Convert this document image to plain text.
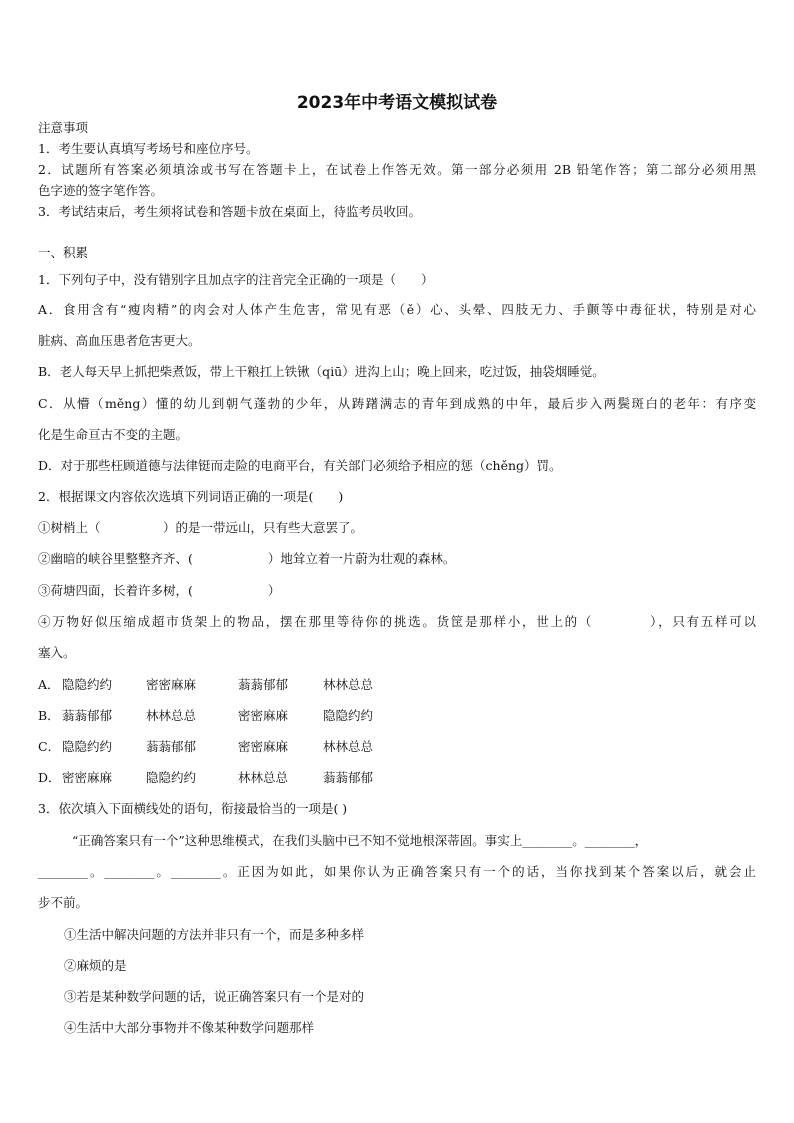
2023年中考语文模拟试卷
注意事项
1．考生要认真填写考场号和座位序号。
2．试题所有答案必须填涂或书写在答题卡上，在试卷上作答无效。第一部分必须用 2B 铅笔作答；第二部分必须用黑
色字迹的签字笔作答。
3．考试结束后，考生须将试卷和答题卡放在桌面上，待监考员收回。
一、积累
1．下列句子中，没有错别字且加点字的注音完全正确的一项是（　　）
A．食用含有“瘦肉精”的肉会对人体产生危害，常见有恶（ě）心、头晕、四肢无力、手颤等中毒征状，特别是对心
脏病、高血压患者危害更大。
B．老人每天早上抓把柴煮饭，带上干粮扛上铁锹（qiū）进沟上山；晚上回来，吃过饭，抽袋烟睡觉。
C．从懵（měng）懂的幼儿到朝气蓬勃的少年，从踌躇满志的青年到成熟的中年，最后步入两鬓斑白的老年：有序变
化是生命亘古不变的主题。
D．对于那些枉顾道德与法律铤而走险的电商平台，有关部门必须给予相应的惩（chěng）罚。
2．根据课文内容依次选填下列词语正确的一项是(　　)
①树梢上（　　　　　）的是一带远山，只有些大意罢了。
②幽暗的峡谷里整整齐齐、(　　　　　　）地耸立着一片蔚为壮观的森林。
③荷塘四面，长着许多树，(　　　　　　）
④万物好似压缩成超市货架上的物品，摆在那里等待你的挑选。货筐是那样小，世上的（　　　　），只有五样可以
塞入。
A． 隐隐约约	密密麻麻	蓊蓊郁郁	林林总总
B． 蓊蓊郁郁	林林总总	密密麻麻	隐隐约约
C． 隐隐约约	蓊蓊郁郁	密密麻麻	林林总总
D． 密密麻麻	隐隐约约	林林总总	蓊蓊郁郁
3．依次填入下面横线处的语句，衔接最恰当的一项是( )
“正确答案只有一个”这种思维模式，在我们头脑中已不知不觉地根深蒂固。事实上________。________，
________。________。________。正因为如此，如果你认为正确答案只有一个的话，当你找到某个答案以后，就会止
步不前。
①生活中解决问题的方法并非只有一个，而是多种多样
②麻烦的是
③若是某种数学问题的话，说正确答案只有一个是对的
④生活中大部分事物并不像某种数学问题那样
